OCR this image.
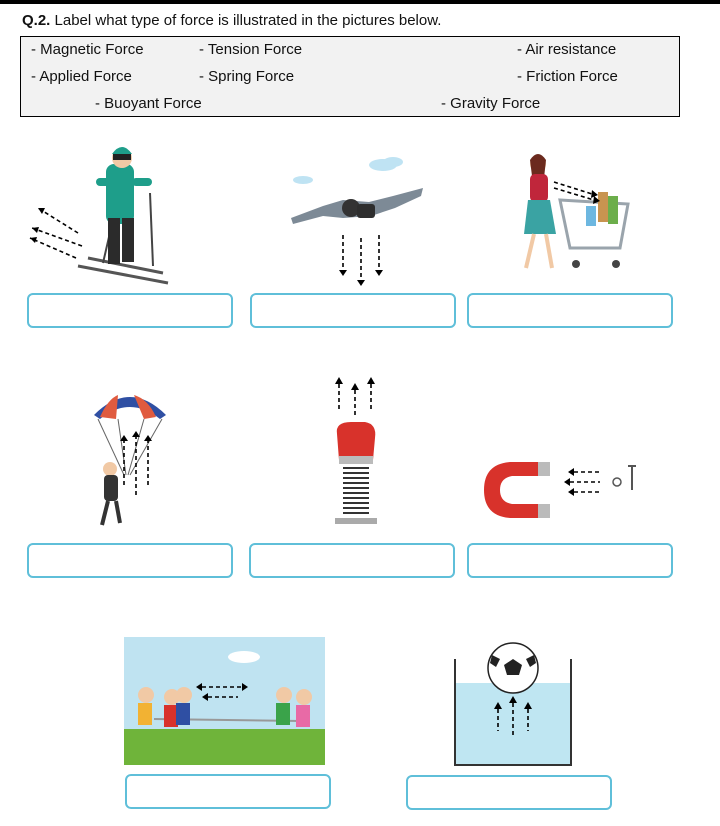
Q.2. Label what type of force is illustrated in the pictures below.
- Magnetic Force	- Tension Force	- Air resistance
- Applied Force	- Spring Force	- Friction Force
- Buoyant Force	- Gravity Force
